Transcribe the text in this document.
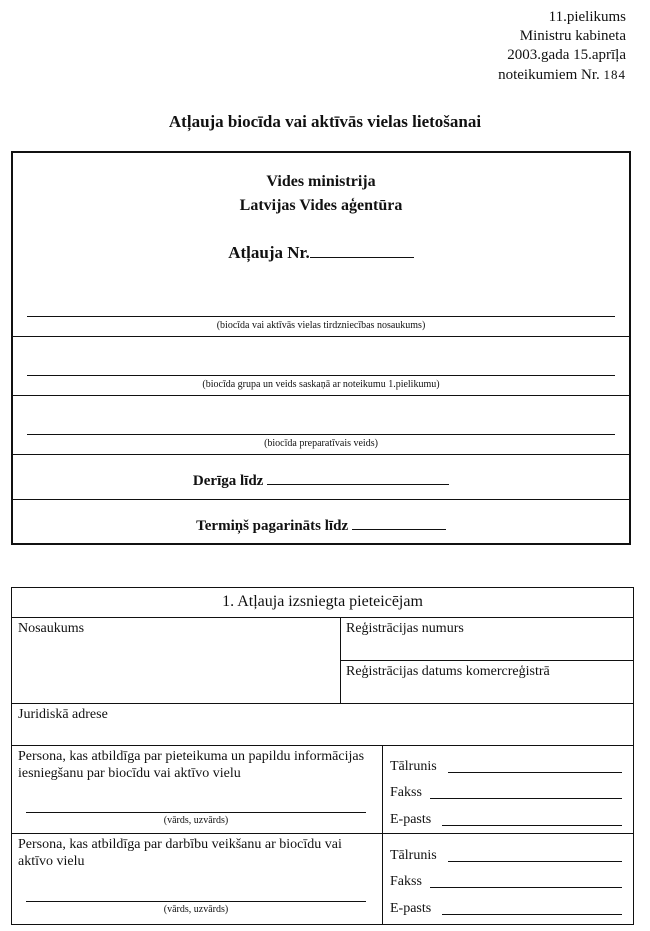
11.pielikums
Ministru kabineta
2003.gada 15.aprīļa
noteikumiem Nr. 184
Atļauja biocīda vai aktīvās vielas lietošanai
Vides ministrija
Latvijas Vides aģentūra
Atļauja Nr.
(biocīda vai aktīvās vielas tirdzniecības nosaukums)
(biocīda grupa un veids saskaņā ar noteikumu 1.pielikumu)
(biocīda preparatīvais veids)
Derīga līdz
Termiņš pagarināts līdz
1. Atļauja izsniegta pieteicējam
Nosaukums	Reģistrācijas numurs
Reģistrācijas datums komercreģistrā
Juridiskā adrese
Persona, kas atbildīga par pieteikuma un papildu informācijas iesniegšanu par biocīdu vai aktīvo vielu
(vārds, uzvārds)
Tālrunis
Fakss
E-pasts
Persona, kas atbildīga par darbību veikšanu ar biocīdu vai aktīvo vielu
(vārds, uzvārds)
Tālrunis
Fakss
E-pasts
